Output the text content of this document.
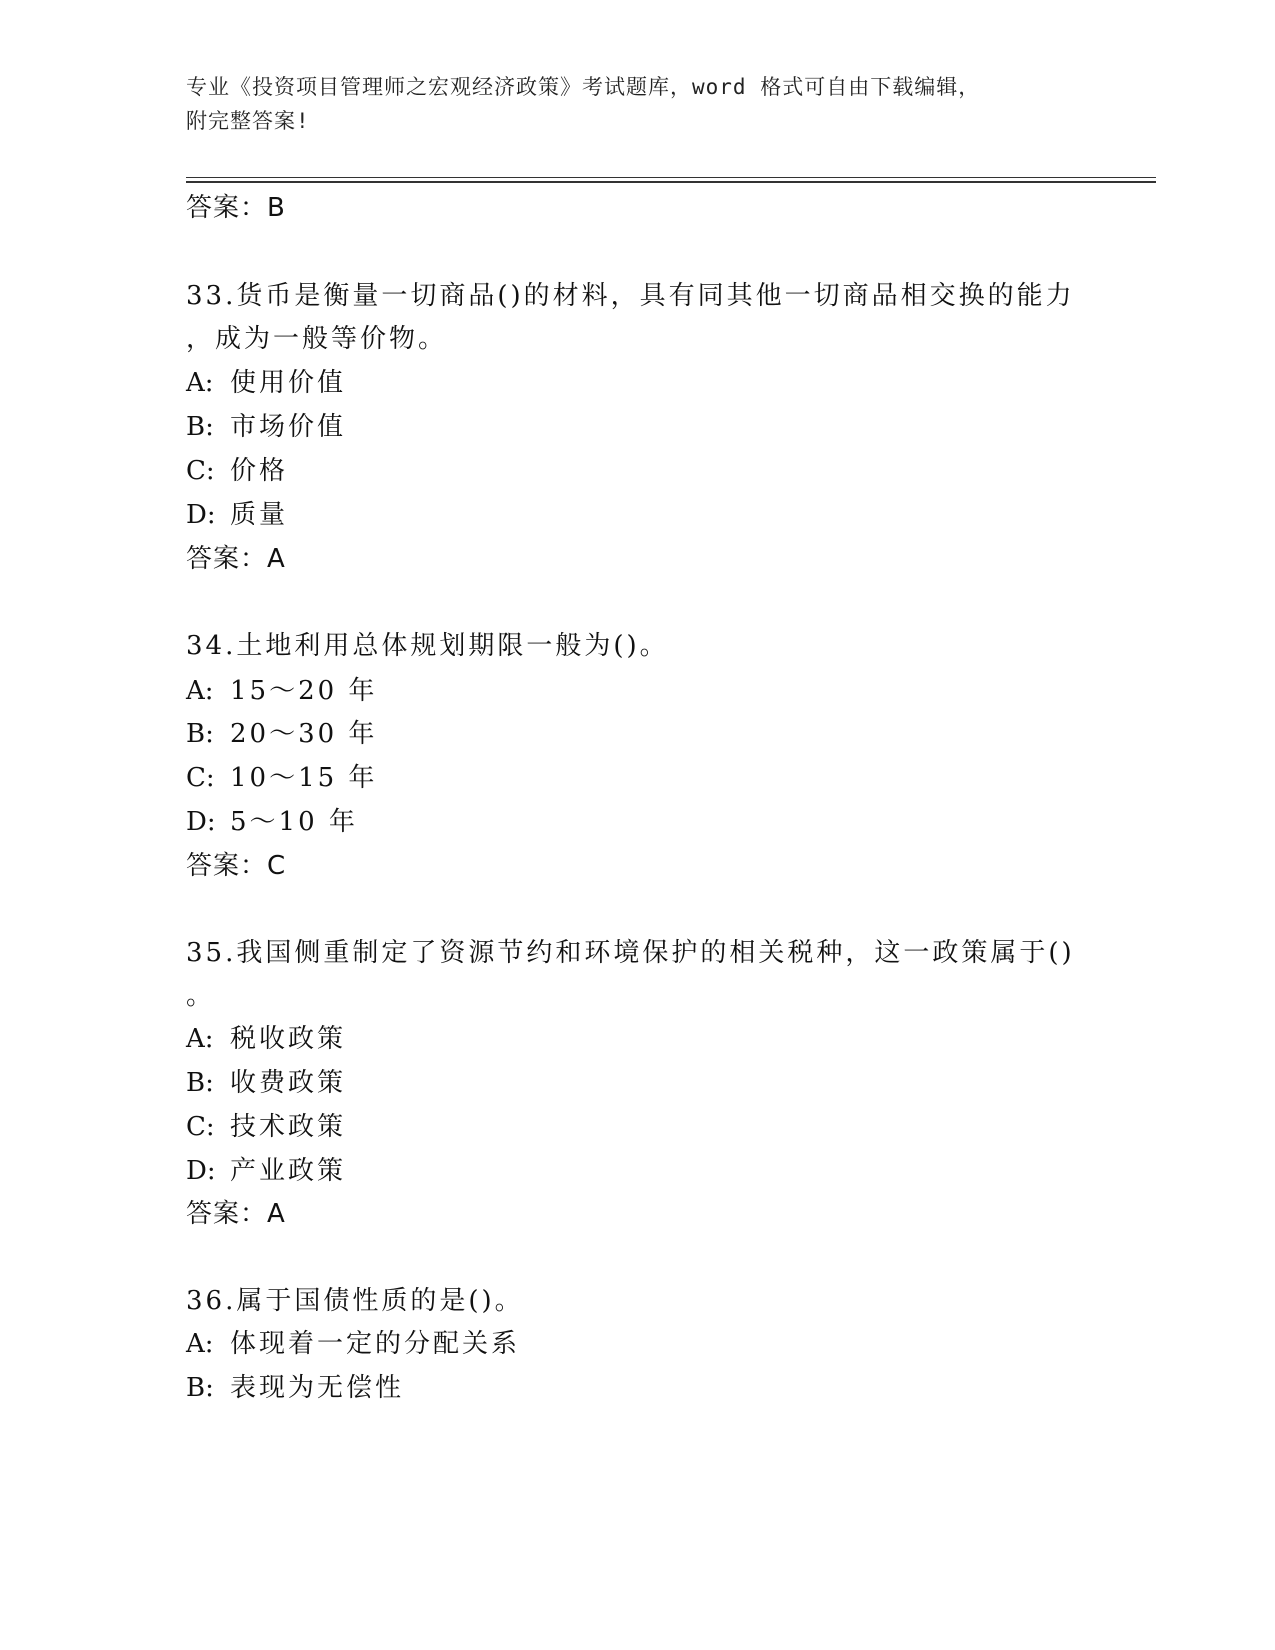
专业《投资项目管理师之宏观经济政策》考试题库，word 格式可自由下载编辑，
附完整答案!
答案：B
33.货币是衡量一切商品()的材料，具有同其他一切商品相交换的能力
，成为一般等价物。
A: 使用价值
B: 市场价值
C: 价格
D: 质量
答案：A
34.土地利用总体规划期限一般为()。
A: 15～20 年
B: 20～30 年
C: 10～15 年
D: 5～10 年
答案：C
35.我国侧重制定了资源节约和环境保护的相关税种，这一政策属于()
。
A: 税收政策
B: 收费政策
C: 技术政策
D: 产业政策
答案：A
36.属于国债性质的是()。
A: 体现着一定的分配关系
B: 表现为无偿性
